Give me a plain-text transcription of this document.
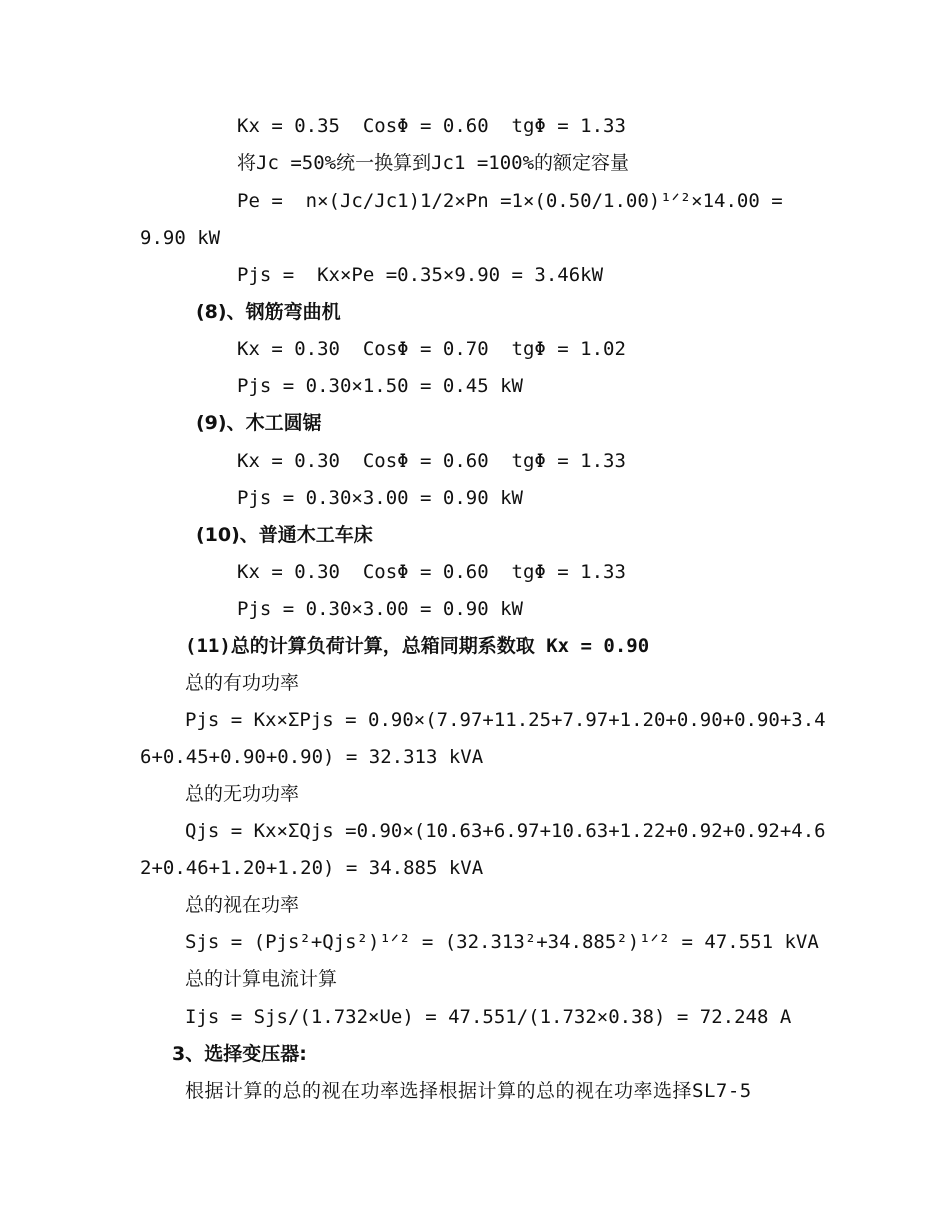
Kx = 0.35  CosΦ = 0.60  tgΦ = 1.33
将Jc =50%统一换算到Jc1 =100%的额定容量
Pe =  n×(Jc/Jc1)1/2×Pn =1×(0.50/1.00)¹ᐟ²×14.00 =
9.90 kW
Pjs =  Kx×Pe =0.35×9.90 = 3.46kW
(8)、钢筋弯曲机
Kx = 0.30  CosΦ = 0.70  tgΦ = 1.02
Pjs = 0.30×1.50 = 0.45 kW
(9)、木工圆锯
Kx = 0.30  CosΦ = 0.60  tgΦ = 1.33
Pjs = 0.30×3.00 = 0.90 kW
(10)、普通木工车床
Kx = 0.30  CosΦ = 0.60  tgΦ = 1.33
Pjs = 0.30×3.00 = 0.90 kW
(11)总的计算负荷计算，总箱同期系数取 Kx = 0.90
总的有功功率
Pjs = Kx×ΣPjs = 0.90×(7.97+11.25+7.97+1.20+0.90+0.90+3.4
6+0.45+0.90+0.90) = 32.313 kVA
总的无功功率
Qjs = Kx×ΣQjs =0.90×(10.63+6.97+10.63+1.22+0.92+0.92+4.6
2+0.46+1.20+1.20) = 34.885 kVA
总的视在功率
Sjs = (Pjs²+Qjs²)¹ᐟ² = (32.313²+34.885²)¹ᐟ² = 47.551 kVA
总的计算电流计算
Ijs = Sjs/(1.732×Ue) = 47.551/(1.732×0.38) = 72.248 A
3、选择变压器:
根据计算的总的视在功率选择根据计算的总的视在功率选择SL7-5
